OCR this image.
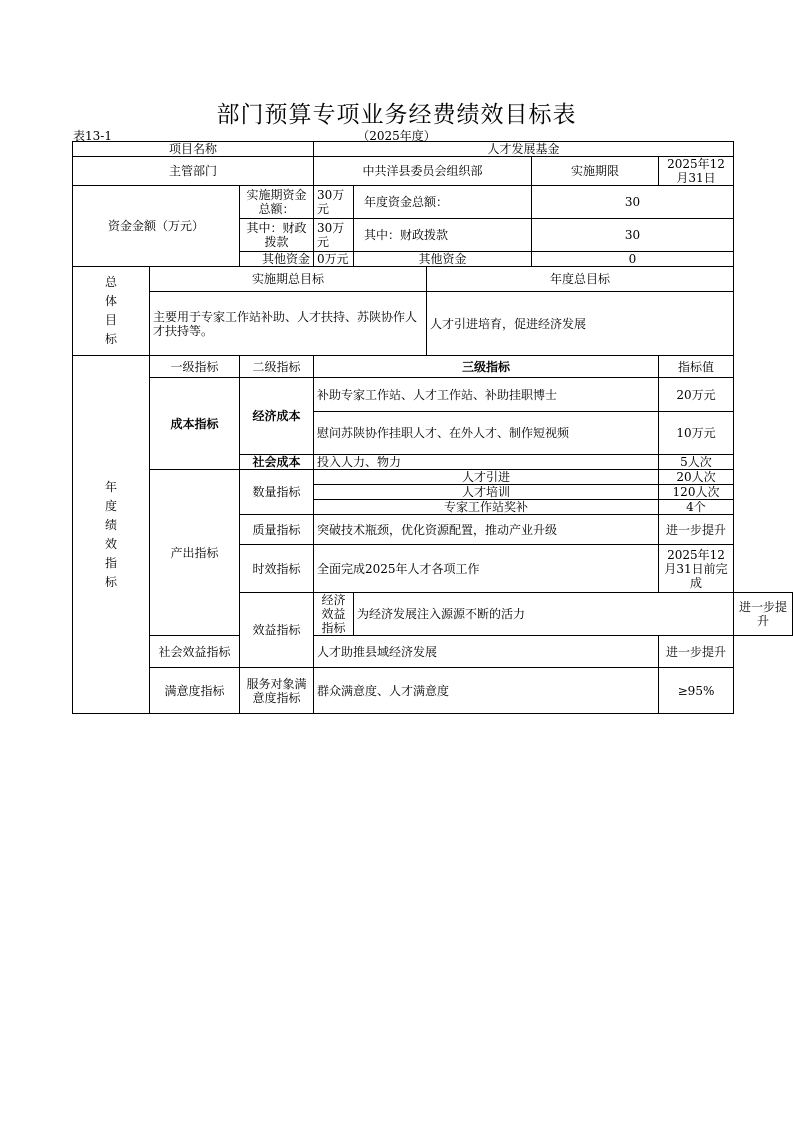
部门预算专项业务经费绩效目标表
表13-1	（2025年度）
项目名称			人才发展基金					
主管部门			中共洋县委员会组织部			实施期限	2025年12月31日	
资金金额（万元）		实施期资金总额：	30万元	年度资金总额：		30		
		其中：财政拨款	30万元	其中：财政拨款		30		
		其他资金	0万元	其他资金		0		
总体目标	实施期总目标				年度总目标			
	主要用于专家工作站补助、人才扶持、苏陕协作人才扶持等。				人才引进培育，促进经济发展			
年度绩效指标	一级指标	二级指标	三级指标				指标值	
	成本指标	经济成本	补助专家工作站、人才工作站、补助挂职博士				20万元	
			慰问苏陕协作挂职人才、在外人才、制作短视频				10万元	
		社会成本	投入人力、物力				5人次	
	产出指标	数量指标	人才引进				20人次	
			人才培训				120人次	
			专家工作站奖补				4个	
		质量指标	突破技术瓶颈，优化资源配置，推动产业升级				进一步提升	
		时效指标	全面完成2025年人才各项工作				2025年12月31日前完成	
		效益指标	经济效益指标	为经济发展注入源源不断的活力				进一步提升
	社会效益指标		人才助推县域经济发展				进一步提升	
	满意度指标	服务对象满意度指标	群众满意度、人才满意度				≥95%	
